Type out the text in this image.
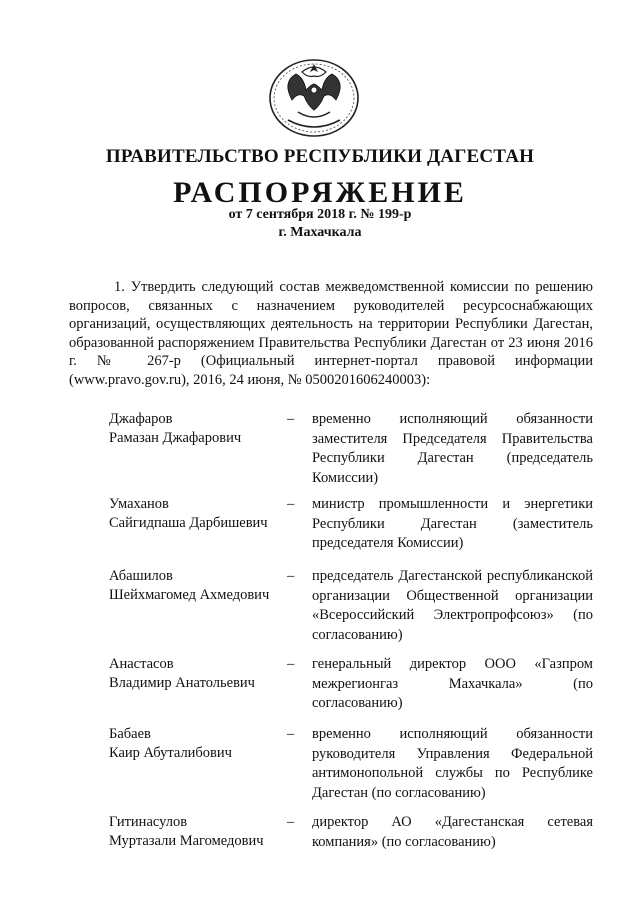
ПРАВИТЕЛЬСТВО РЕСПУБЛИКИ ДАГЕСТАН
РАСПОРЯЖЕНИЕ
от 7 сентября 2018 г. № 199-р
г. Махачкала
1. Утвердить следующий состав межведомственной комиссии по решению вопросов, связанных с назначением руководителей ресурсоснабжающих организаций, осуществляющих деятельность на территории Республики Дагестан, образованной распоряжением Правительства Республики Дагестан от 23 июня 2016 г. № 267-р (Официальный интернет-портал правовой информации (www.pravo.gov.ru), 2016, 24 июня, № 0500201606240003):
Джафаров
Рамазан Джафарович
– временно исполняющий обязанности заместителя Председателя Правительства Республики Дагестан (председатель Комиссии)
Умаханов
Сайгидпаша Дарбишевич
– министр промышленности и энергетики Республики Дагестан (заместитель председателя Комиссии)
Абашилов
Шейхмагомед Ахмедович
– председатель Дагестанской республиканской организации Общественной организации «Всероссийский Электропрофсоюз» (по согласованию)
Анастасов
Владимир Анатольевич
– генеральный директор ООО «Газпром межрегионгаз Махачкала» (по согласованию)
Бабаев
Каир Абуталибович
– временно исполняющий обязанности руководителя Управления Федеральной антимонопольной службы по Республике Дагестан (по согласованию)
Гитинасулов
Муртазали Магомедович
– директор АО «Дагестанская сетевая компания» (по согласованию)
